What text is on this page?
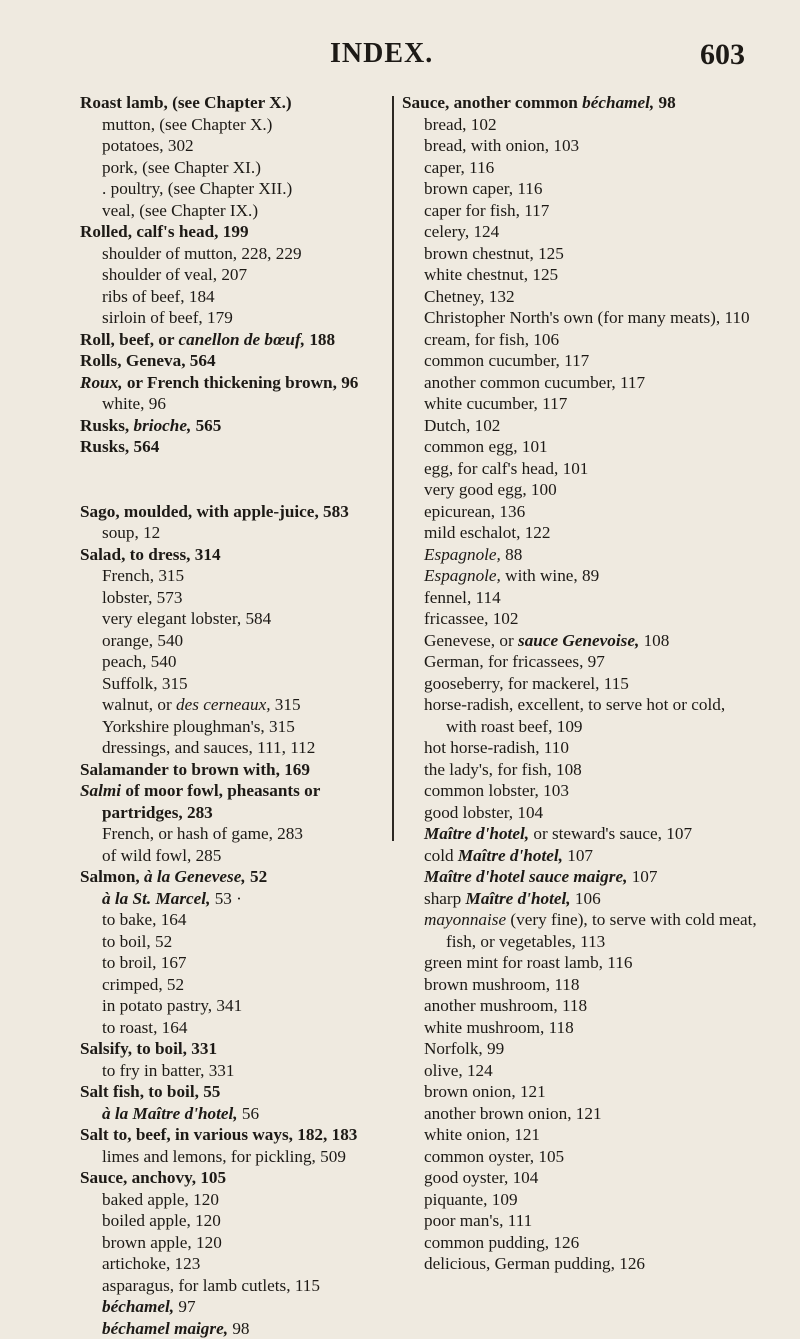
INDEX.	603
Roast lamb, (see Chapter X.)
mutton, (see Chapter X.)
potatoes, 302
pork, (see Chapter XI.)
. poultry, (see Chapter XII.)
veal, (see Chapter IX.)
Rolled, calf's head, 199
shoulder of mutton, 228, 229
shoulder of veal, 207
ribs of beef, 184
sirloin of beef, 179
Roll, beef, or canellon de bœuf, 188
Rolls, Geneva, 564
Roux, or French thickening brown, 96
white, 96
Rusks, brioche, 565
Rusks, 564
Sago, moulded, with apple-juice, 583
soup, 12
Salad, to dress, 314
French, 315
lobster, 573
very elegant lobster, 584
orange, 540
peach, 540
Suffolk, 315
walnut, or des cerneaux, 315
Yorkshire ploughman's, 315
dressings, and sauces, 111, 112
Salamander to brown with, 169
Salmi of moor fowl, pheasants or partridges, 283
French, or hash of game, 283
of wild fowl, 285
Salmon, à la Genevese, 52
à la St. Marcel, 53 ·
to bake, 164
to boil, 52
to broil, 167
crimped, 52
in potato pastry, 341
to roast, 164
Salsify, to boil, 331
to fry in batter, 331
Salt fish, to boil, 55
à la Maître d'hotel, 56
Salt to, beef, in various ways, 182, 183
limes and lemons, for pickling, 509
Sauce, anchovy, 105
baked apple, 120
boiled apple, 120
brown apple, 120
artichoke, 123
asparagus, for lamb cutlets, 115
béchamel, 97
béchamel maigre, 98
Sauce, another common béchamel, 98
bread, 102
bread, with onion, 103
caper, 116
brown caper, 116
caper for fish, 117
celery, 124
brown chestnut, 125
white chestnut, 125
Chetney, 132
Christopher North's own (for many meats), 110
cream, for fish, 106
common cucumber, 117
another common cucumber, 117
white cucumber, 117
Dutch, 102
common egg, 101
egg, for calf's head, 101
very good egg, 100
epicurean, 136
mild eschalot, 122
Espagnole, 88
Espagnole, with wine, 89
fennel, 114
fricassee, 102
Genevese, or sauce Genevoise, 108
German, for fricassees, 97
gooseberry, for mackerel, 115
horse-radish, excellent, to serve hot or cold, with roast beef, 109
hot horse-radish, 110
the lady's, for fish, 108
common lobster, 103
good lobster, 104
Maître d'hotel, or steward's sauce, 107
cold Maître d'hotel, 107
Maître d'hotel sauce maigre, 107
sharp Maître d'hotel, 106
mayonnaise (very fine), to serve with cold meat, fish, or vegetables, 113
green mint for roast lamb, 116
brown mushroom, 118
another mushroom, 118
white mushroom, 118
Norfolk, 99
olive, 124
brown onion, 121
another brown onion, 121
white onion, 121
common oyster, 105
good oyster, 104
piquante, 109
poor man's, 111
common pudding, 126
delicious, German pudding, 126
